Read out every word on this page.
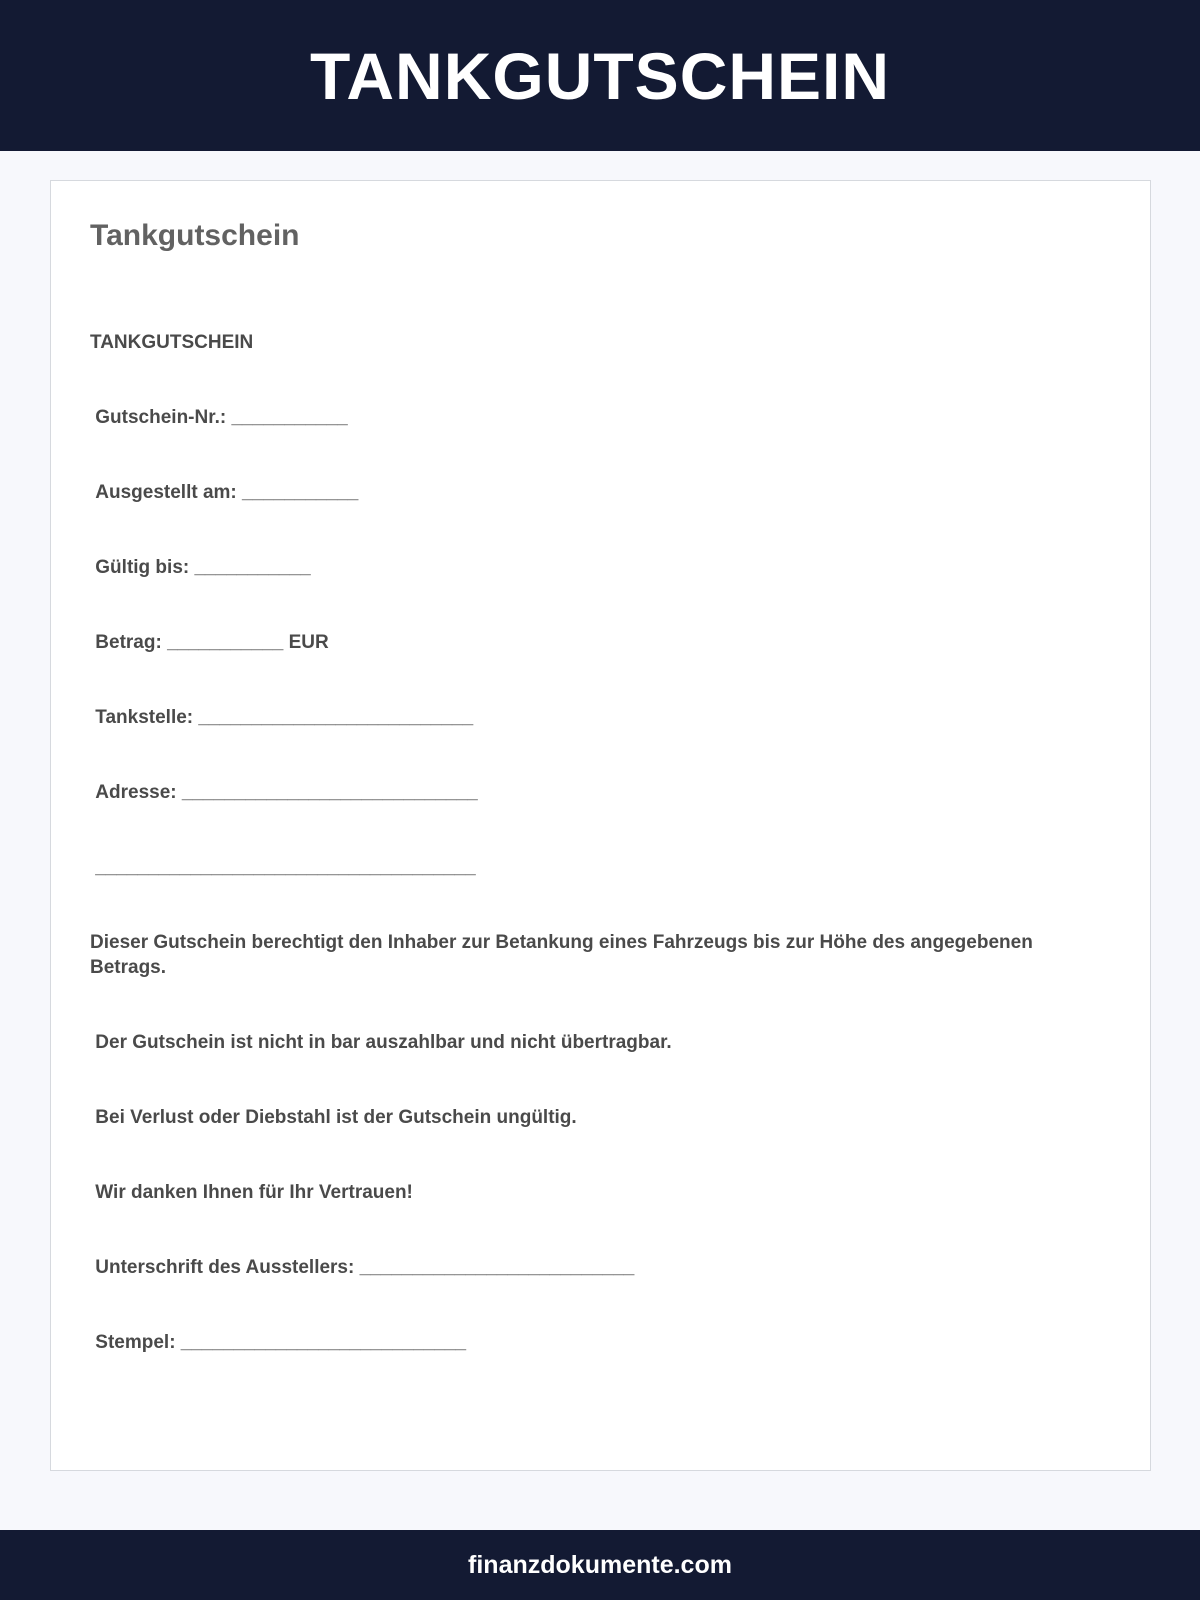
TANKGUTSCHEIN
Tankgutschein

TANKGUTSCHEIN

Gutschein-Nr.: ___________

Ausgestellt am: ___________

Gültig bis: ___________

Betrag: ___________ EUR

Tankstelle: __________________________

Adresse: ____________________________

____________________________________

Dieser Gutschein berechtigt den Inhaber zur Betankung eines Fahrzeugs bis zur Höhe des angegebenen Betrags.

Der Gutschein ist nicht in bar auszahlbar und nicht übertragbar.

Bei Verlust oder Diebstahl ist der Gutschein ungültig.

Wir danken Ihnen für Ihr Vertrauen!

Unterschrift des Ausstellers: __________________________

Stempel: ___________________________

finanzdokumente.com
